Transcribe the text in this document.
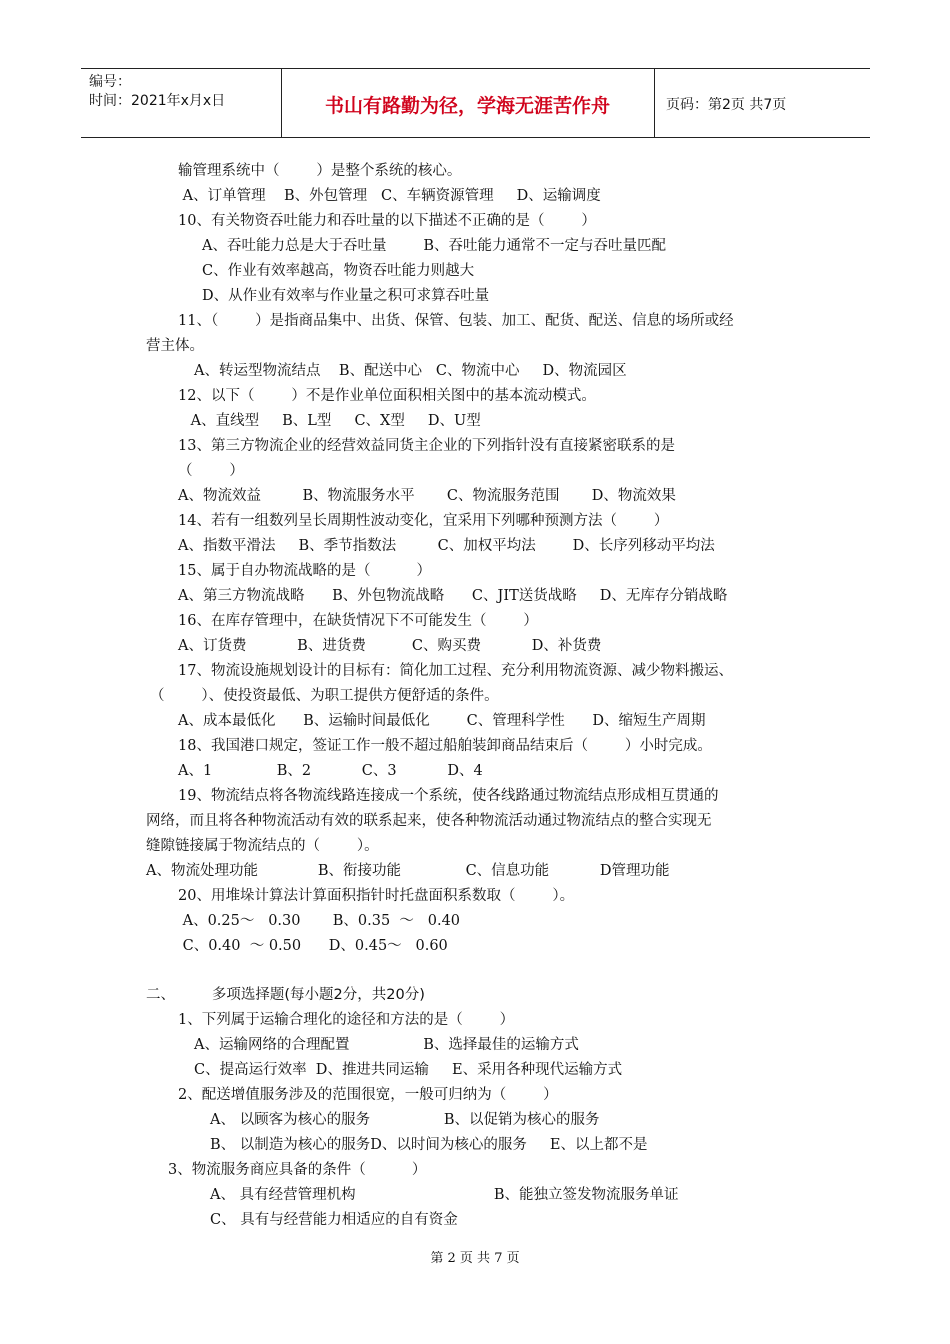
编号：
时间：2021年x月x日	书山有路勤为径，学海无涯苦作舟	页码：第2页 共7页
输管理系统中（        ）是整个系统的核心。
A、订单管理    B、外包管理   C、车辆资源管理     D、运输调度
10、有关物资吞吐能力和吞吐量的以下描述不正确的是（        ）
A、吞吐能力总是大于吞吐量        B、吞吐能力通常不一定与吞吐量匹配
C、作业有效率越高，物资吞吐能力则越大
D、从作业有效率与作业量之积可求算吞吐量
11、（        ）是指商品集中、出货、保管、包装、加工、配货、配送、信息的场所或经
营主体。
A、转运型物流结点    B、配送中心   C、物流中心     D、物流园区
12、以下（        ）不是作业单位面积相关图中的基本流动模式。
A、直线型     B、L型     C、X型     D、U型
13、第三方物流企业的经营效益同货主企业的下列指针没有直接紧密联系的是
（        ）
A、物流效益         B、物流服务水平       C、物流服务范围       D、物流效果
14、若有一组数列呈长周期性波动变化，宜采用下列哪种预测方法（        ）
A、指数平滑法     B、季节指数法         C、加权平均法        D、长序列移动平均法
15、属于自办物流战略的是（          ）
A、第三方物流战略      B、外包物流战略      C、JIT送货战略     D、无库存分销战略
16、在库存管理中，在缺货情况下不可能发生（        ）
A、订货费           B、进货费          C、购买费           D、补货费
17、物流设施规划设计的目标有：简化加工过程、充分利用物流资源、减少物料搬运、
（        ）、使投资最低、为职工提供方便舒适的条件。
A、成本最低化      B、运输时间最低化        C、管理科学性      D、缩短生产周期
18、我国港口规定，签证工作一般不超过船舶装卸商品结束后（        ）小时完成。
A、1              B、2           C、3           D、4
19、物流结点将各物流线路连接成一个系统，使各线路通过物流结点形成相互贯通的
网络，而且将各种物流活动有效的联系起来，使各种物流活动通过物流结点的整合实现无
缝隙链接属于物流结点的（        ）。
A、物流处理功能             B、衔接功能              C、信息功能           D管理功能
20、用堆垛计算法计算面积指针时托盘面积系数取（        ）。
A、0.25～   0.30       B、0.35  ～   0.40
C、0.40  ～ 0.50      D、0.45～   0.60
二、        多项选择题(每小题2分，共20分)
1、下列属于运输合理化的途径和方法的是（        ）
A、运输网络的合理配置                B、选择最佳的运输方式
C、提高运行效率  D、推进共同运输     E、采用各种现代运输方式
2、配送增值服务涉及的范围很宽，一般可归纳为（        ）
A、 以顾客为核心的服务                B、以促销为核心的服务
B、 以制造为核心的服务D、以时间为核心的服务     E、以上都不是
3、物流服务商应具备的条件（          ）
A、 具有经营管理机构                              B、能独立签发物流服务单证
C、 具有与经营能力相适应的自有资金
第 2 页 共 7 页
